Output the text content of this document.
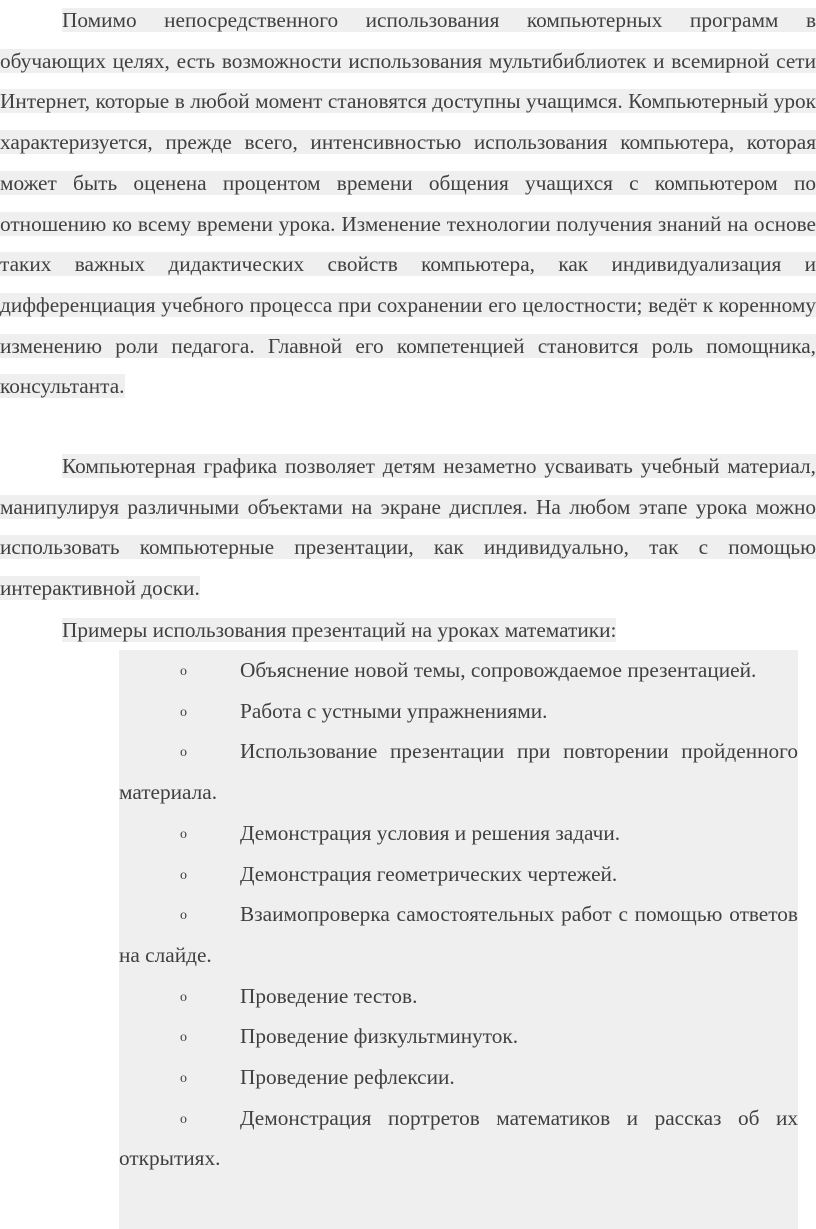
Помимо непосредственного использования компьютерных программ в обучающих целях, есть возможности использования мультибиблиотек и всемирной сети Интернет, которые в любой момент становятся доступны учащимся. Компьютерный урок характеризуется, прежде всего, интенсивностью использования компьютера, которая может быть оценена процентом времени общения учащихся с компьютером по отношению ко всему времени урока. Изменение технологии получения знаний на основе таких важных дидактических свойств компьютера, как индивидуализация и дифференциация учебного процесса при сохранении его целостности; ведёт к коренному изменению роли педагога. Главной его компетенцией становится роль помощника, консультанта.

Компьютерная графика позволяет детям незаметно усваивать учебный материал, манипулируя различными объектами на экране дисплея. На любом этапе урока можно использовать компьютерные презентации, как индивидуально, так с помощью интерактивной доски.

Примеры использования презентаций на уроках математики:

o Объяснение новой темы, сопровождаемое презентацией.

o Работа с устными упражнениями.

o Использование презентации при повторении пройденного материала.

o Демонстрация условия и решения задачи.

o Демонстрация геометрических чертежей.

o Взаимопроверка самостоятельных работ с помощью ответов на слайде.

o Проведение тестов.

o Проведение физкультминуток.

o Проведение рефлексии.

o Демонстрация портретов математиков и рассказ об их открытиях.
